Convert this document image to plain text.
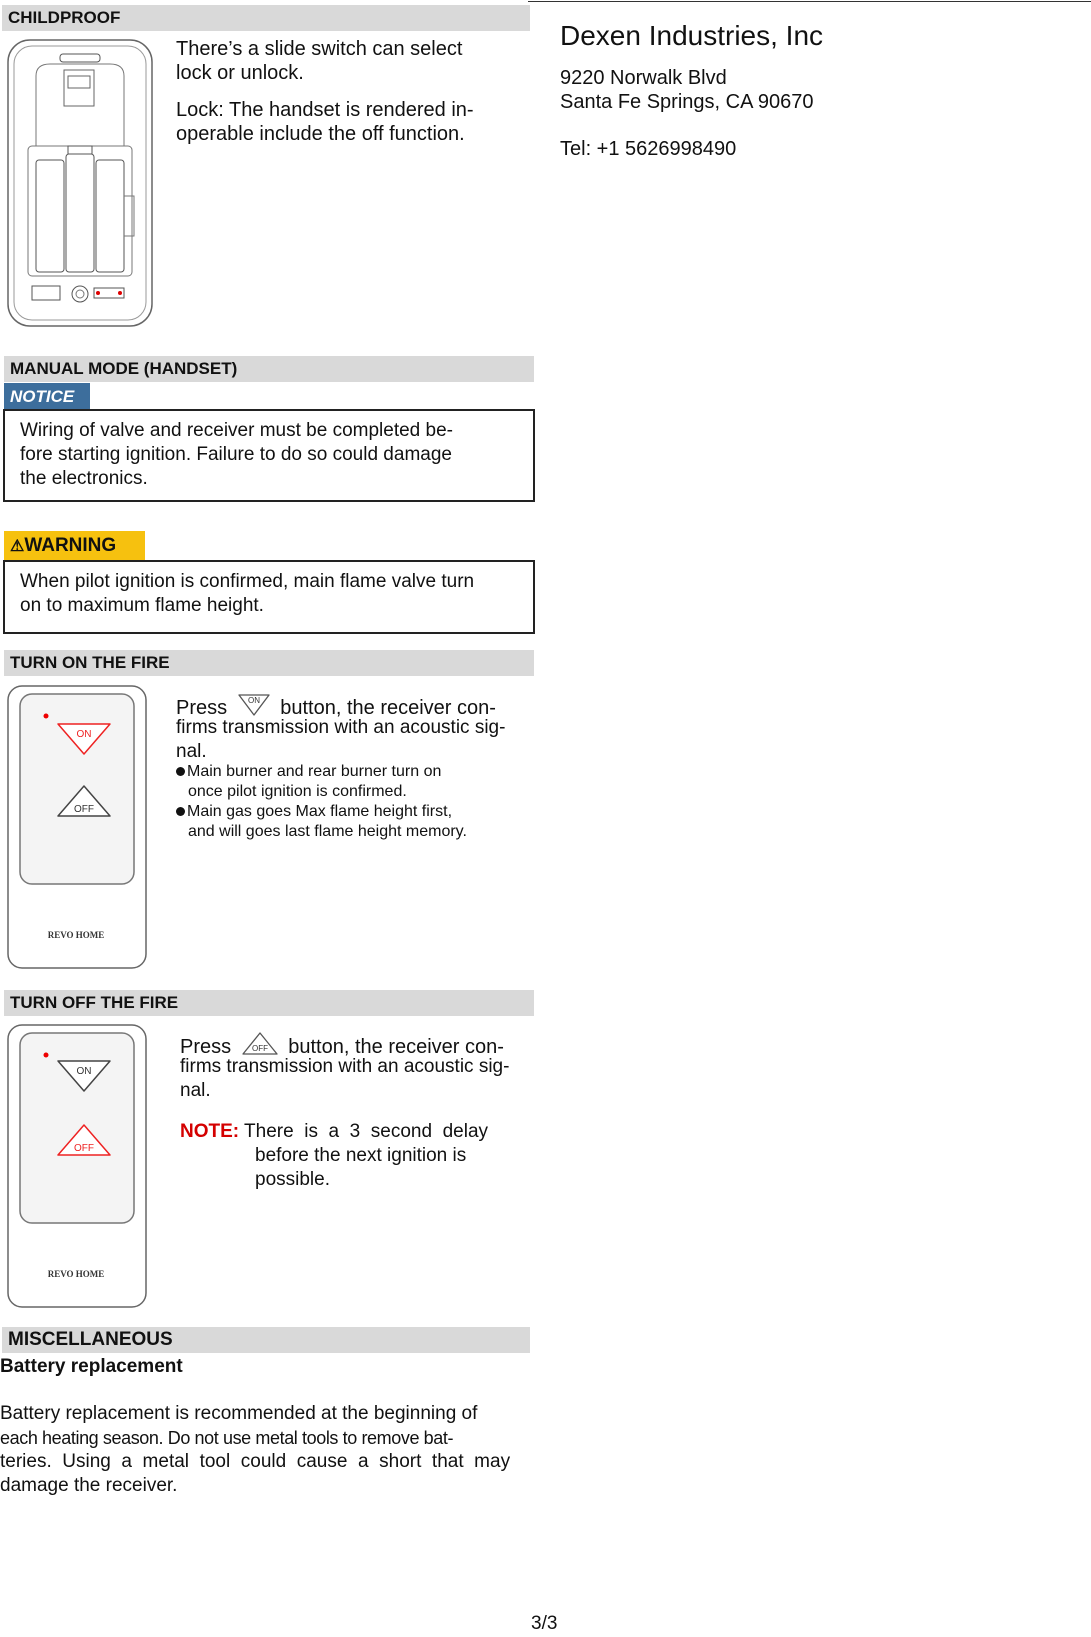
CHILDPROOF
There’s a slide switch can select
lock or unlock.
Lock: The handset is rendered in-
operable include the off function.
MANUAL MODE (HANDSET)
NOTICE
Wiring of valve and receiver must be completed be-
fore starting ignition. Failure to do so could damage
the electronics.
⚠WARNING
When pilot ignition is confirmed, main flame valve turn
on to maximum flame height.
TURN ON THE FIRE
ON
OFF
REVO HOME
Press	ON button, the receiver con-
firms transmission with an acoustic sig-
nal.
Main burner and rear burner turn on
once pilot ignition is confirmed.
Main gas goes Max flame height first,
and will goes last flame height memory.
TURN OFF THE FIRE
ON
OFF
REVO HOME
Press	OFF button, the receiver con-
firms transmission with an acoustic sig-
nal.
NOTE: There  is  a  3  second  delay
before the next ignition is
possible.
MISCELLANEOUS
Battery replacement
Battery replacement is recommended at the beginning of
each heating season. Do not use metal tools to remove bat-
teries.  Using  a  metal  tool  could  cause  a  short  that  may
damage the receiver.
Dexen Industries, Inc
9220 Norwalk Blvd
Santa Fe Springs, CA 90670
Tel: +1 5626998490
3/3
